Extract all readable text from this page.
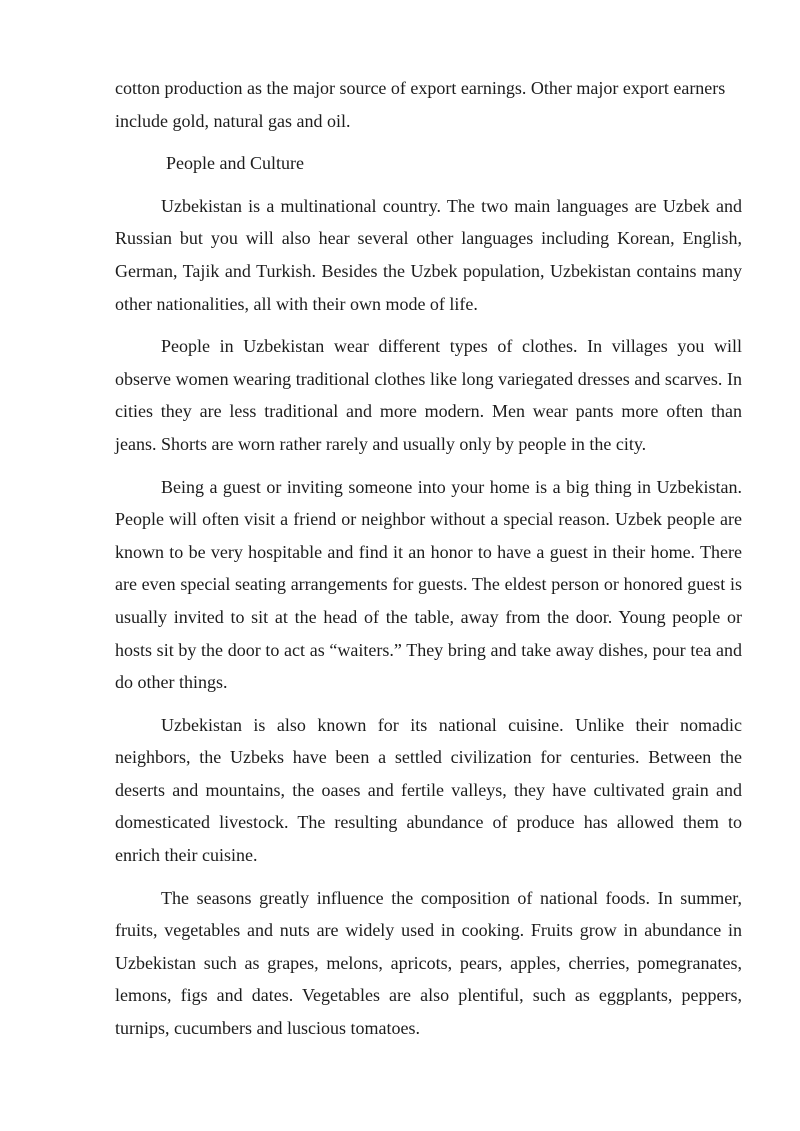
cotton production as the major source of export earnings. Other major export earners include gold, natural gas and oil.

People and Culture

Uzbekistan is a multinational country. The two main languages are Uzbek and Russian but you will also hear several other languages including Korean, English, German, Tajik and Turkish. Besides the Uzbek population, Uzbekistan contains many other nationalities, all with their own mode of life.

People in Uzbekistan wear different types of clothes. In villages you will observe women wearing traditional clothes like long variegated dresses and scarves. In cities they are less traditional and more modern. Men wear pants more often than jeans. Shorts are worn rather rarely and usually only by people in the city.

Being a guest or inviting someone into your home is a big thing in Uzbekistan. People will often visit a friend or neighbor without a special reason. Uzbek people are known to be very hospitable and find it an honor to have a guest in their home. There are even special seating arrangements for guests. The eldest person or honored guest is usually invited to sit at the head of the table, away from the door. Young people or hosts sit by the door to act as “waiters.” They bring and take away dishes, pour tea and do other things.

Uzbekistan is also known for its national cuisine. Unlike their nomadic neighbors, the Uzbeks have been a settled civilization for centuries. Between the deserts and mountains, the oases and fertile valleys, they have cultivated grain and domesticated livestock. The resulting abundance of produce has allowed them to enrich their cuisine.

The seasons greatly influence the composition of national foods. In summer, fruits, vegetables and nuts are widely used in cooking. Fruits grow in abundance in Uzbekistan such as grapes, melons, apricots, pears, apples, cherries, pomegranates, lemons, figs and dates. Vegetables are also plentiful, such as eggplants, peppers, turnips, cucumbers and luscious tomatoes.
